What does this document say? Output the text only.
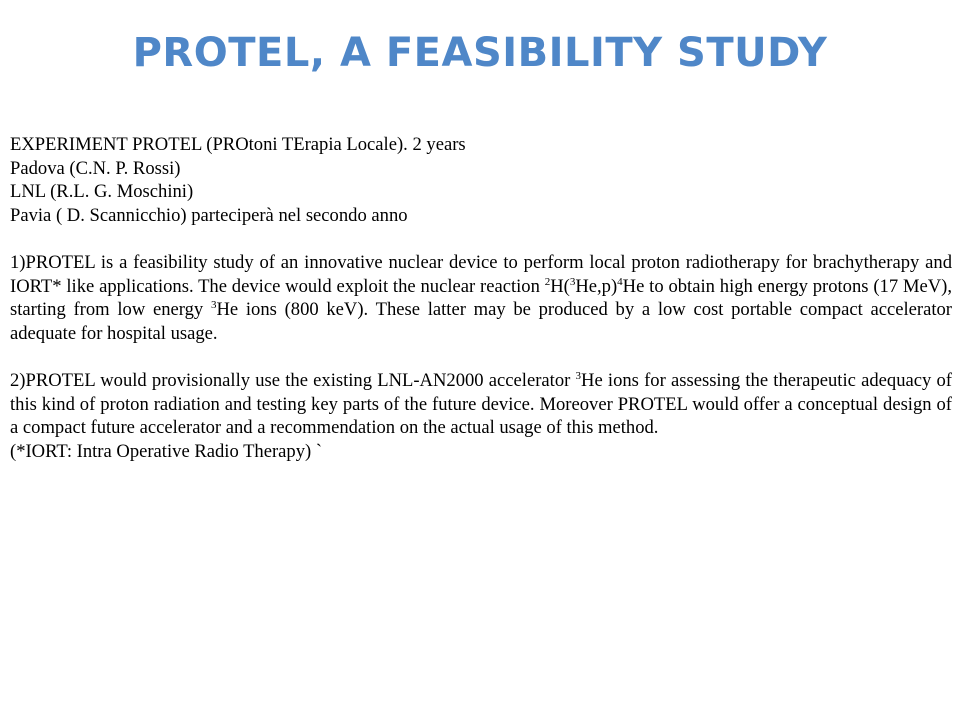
PROTEL, A FEASIBILITY STUDY
EXPERIMENT PROTEL (PROtoni TErapia Locale). 2 years
Padova (C.N. P. Rossi)
LNL (R.L. G. Moschini)
Pavia ( D. Scannicchio) parteciperà nel secondo anno
1)PROTEL is a feasibility study of an innovative nuclear device to perform local proton radiotherapy for brachytherapy and IORT* like applications. The device would exploit the nuclear reaction $^2H(^3He,p)^4He$ to obtain high energy protons (17 MeV), starting from low energy $^3$He ions (800 keV). These latter may be produced by a low cost portable compact accelerator adequate for hospital usage.
2)PROTEL would provisionally use the existing LNL-AN2000 accelerator $^3$He ions for assessing the therapeutic adequacy of this kind of proton radiation and testing key parts of the future device. Moreover PROTEL would offer a conceptual design of a compact future accelerator and a recommendation on the actual usage of this method.
(*IORT: Intra Operative Radio Therapy) `
